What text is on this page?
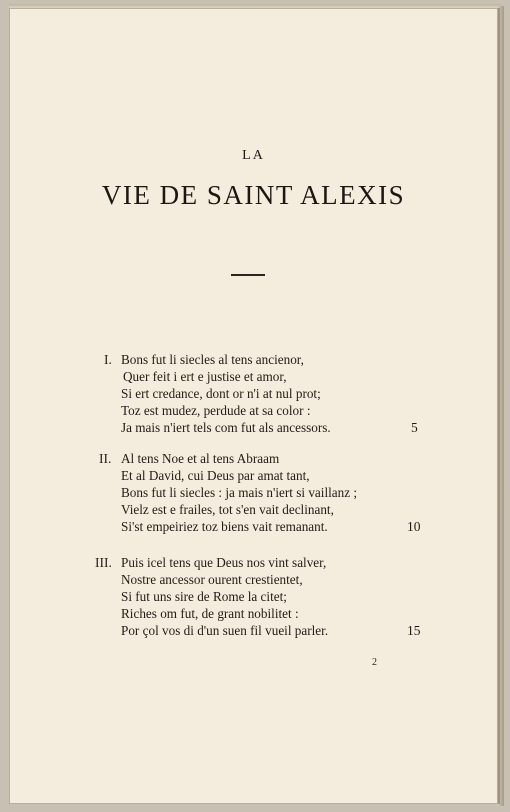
LA
VIE DE SAINT ALEXIS
I. Bons fut li siecles al tens ancienor,
Quer feit i ert e justise et amor,
Si ert credance, dont or n'i at nul prot;
Toz est mudez, perdude at sa color :
Ja mais n'iert tels com fut als ancessors.	5
II. Al tens Noe et al tens Abraam
Et al David, cui Deus par amat tant,
Bons fut li siecles : ja mais n'iert si vaillanz ;
Vielz est e frailes, tot s'en vait declinant,
Si'st empeiriez toz biens vait remanant.	10
III. Puis icel tens que Deus nos vint salver,
Nostre ancessor ourent crestientet,
Si fut uns sire de Rome la citet;
Riches om fut, de grant nobilitet :
Por çol vos di d'un suen fil vueil parler.	15
2
